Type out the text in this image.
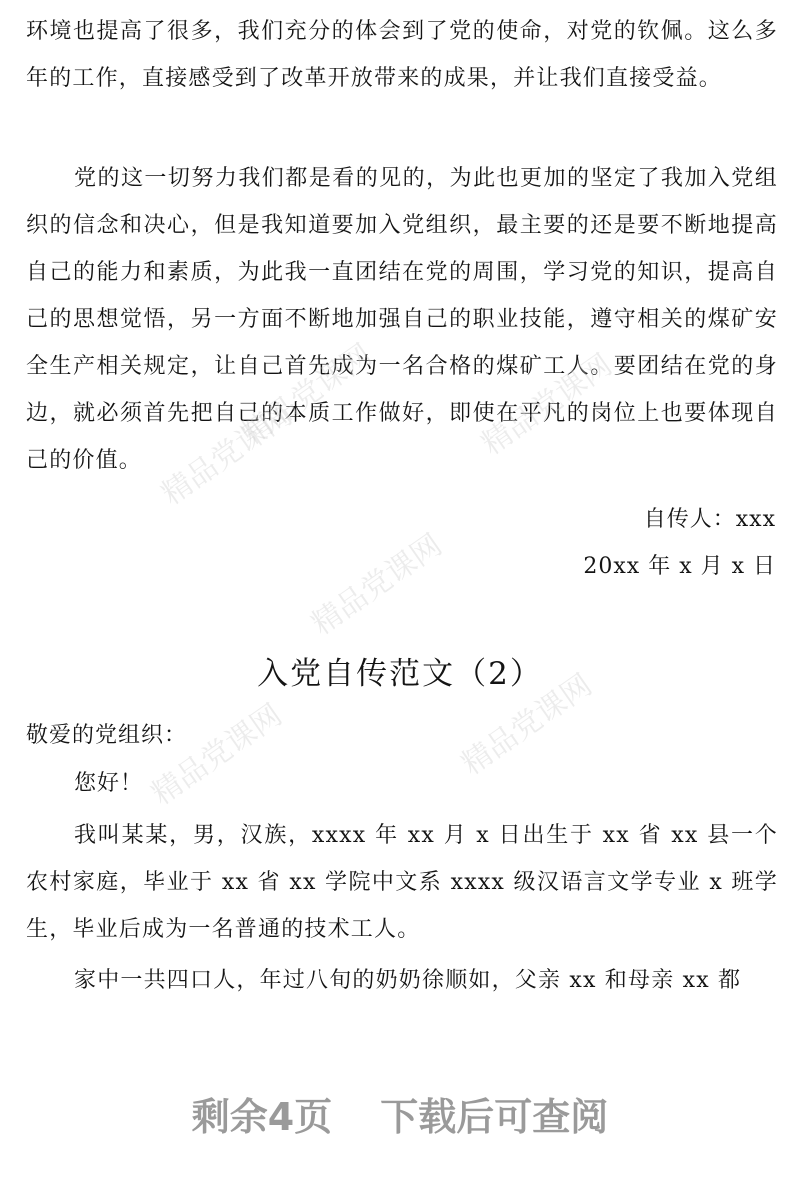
环境也提高了很多，我们充分的体会到了党的使命，对党的钦佩。这么多年的工作，直接感受到了改革开放带来的成果，并让我们直接受益。

党的这一切努力我们都是看的见的，为此也更加的坚定了我加入党组织的信念和决心，但是我知道要加入党组织，最主要的还是要不断地提高自己的能力和素质，为此我一直团结在党的周围，学习党的知识，提高自己的思想觉悟，另一方面不断地加强自己的职业技能，遵守相关的煤矿安全生产相关规定，让自己首先成为一名合格的煤矿工人。要团结在党的身边，就必须首先把自己的本质工作做好，即使在平凡的岗位上也要体现自己的价值。

自传人：xxx
20xx 年 x 月 x 日
入党自传范文（2）
敬爱的党组织：
您好！

我叫某某，男，汉族，xxxx 年 xx 月 x 日出生于 xx 省 xx 县一个农村家庭，毕业于 xx 省 xx 学院中文系 xxxx 级汉语言文学专业 x 班学生，毕业后成为一名普通的技术工人。

家中一共四口人，年过八旬的奶奶徐顺如，父亲 xx 和母亲 xx 都

剩余4页 下载后可查阅
精品党课网	精品党课网
精品党课网
精品党课网
精品党课网	精品党课网
